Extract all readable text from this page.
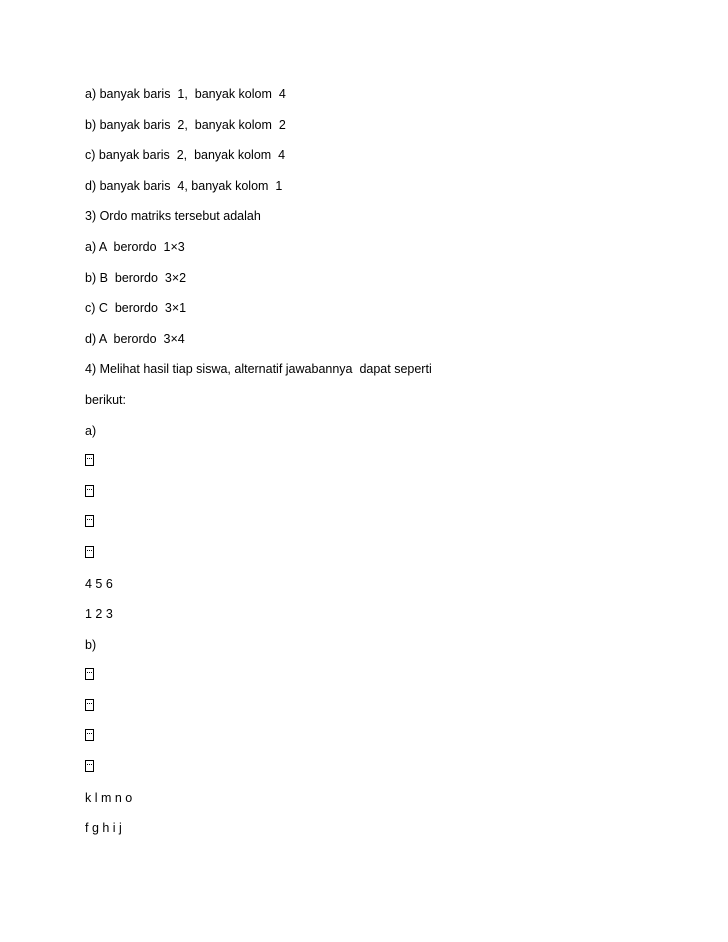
a) banyak baris  1,  banyak kolom  4
b) banyak baris  2,  banyak kolom  2
c) banyak baris  2,  banyak kolom  4
d) banyak baris  4, banyak kolom  1
3) Ordo matriks tersebut adalah
a) A  berordo  1×3
b) B  berordo  3×2
c) C  berordo  3×1
d) A  berordo  3×4
4) Melihat hasil tiap siswa, alternatif jawabannya  dapat seperti
berikut:
a)
4 5 6
1 2 3
b)
k l m n o
f g h i j
